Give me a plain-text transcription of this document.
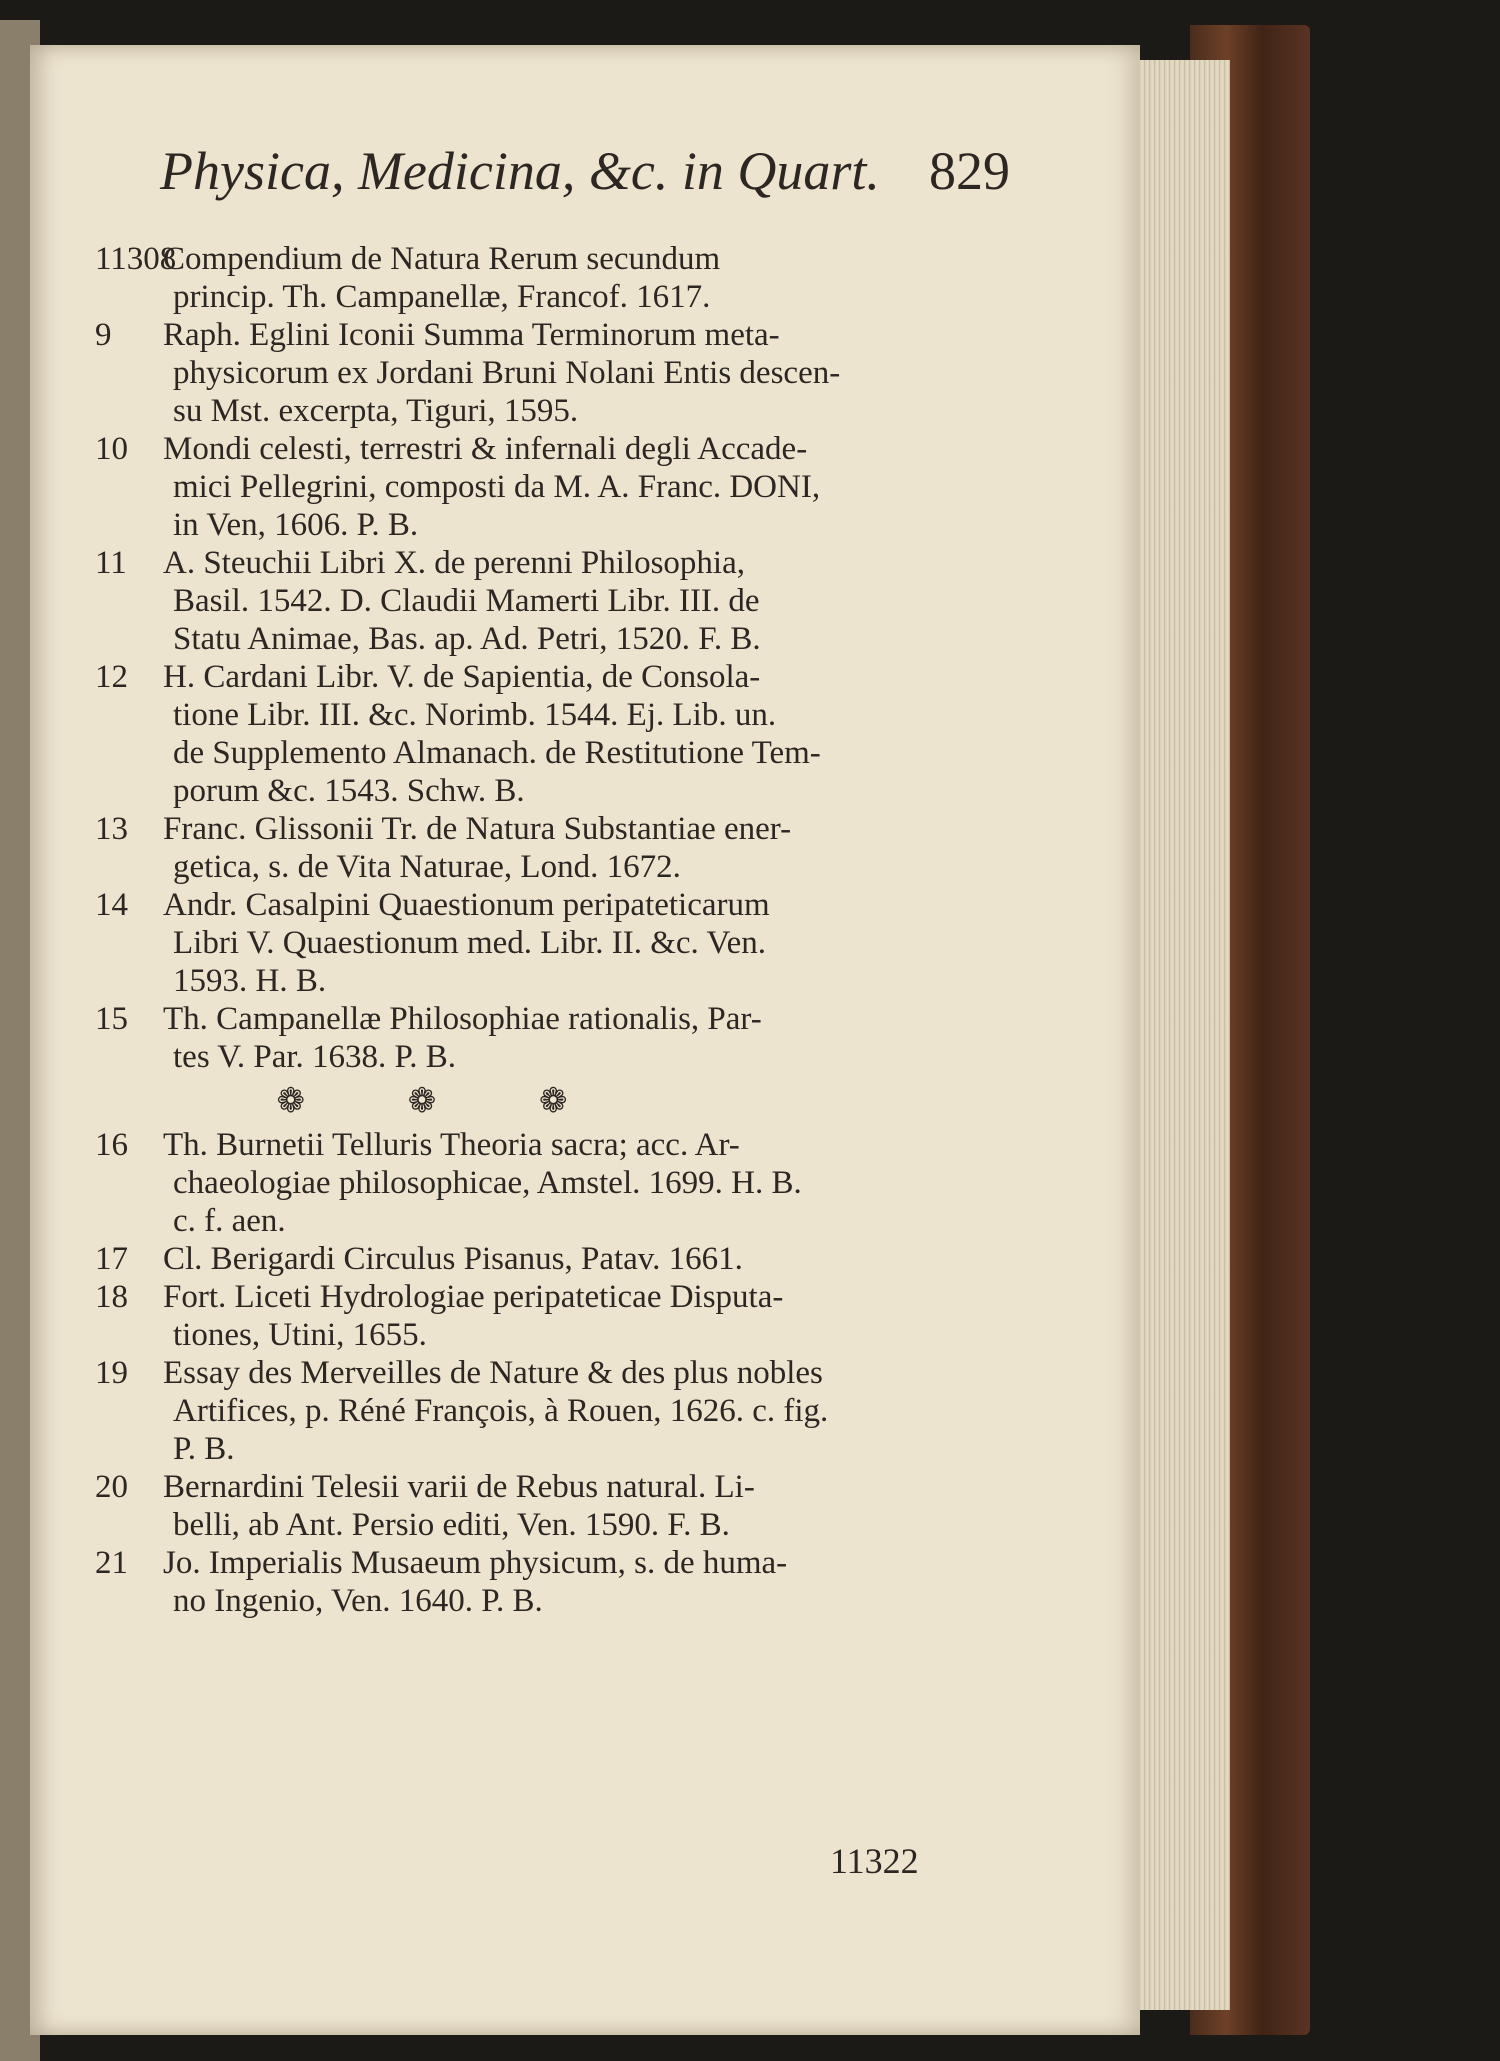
Physica, Medicina, &c. in Quart. 829
11308Compendium de Natura Rerum secundum
princip. Th. Campanellæ, Francof. 1617.
9 Raph. Eglini Iconii Summa Terminorum meta-
physicorum ex Jordani Bruni Nolani Entis descen-
su Mst. excerpta, Tiguri, 1595.
10 Mondi celesti, terrestri & infernali degli Accade-
mici Pellegrini, composti da M. A. Franc. DONI,
in Ven, 1606. P. B.
11 A. Steuchii Libri X. de perenni Philosophia,
Basil. 1542. D. Claudii Mamerti Libr. III. de
Statu Animae, Bas. ap. Ad. Petri, 1520. F. B.
12 H. Cardani Libr. V. de Sapientia, de Consola-
tione Libr. III. &c. Norimb. 1544. Ej. Lib. un.
de Supplemento Almanach. de Restitutione Tem-
porum &c. 1543. Schw. B.
13 Franc. Glissonii Tr. de Natura Substantiae ener-
getica, s. de Vita Naturae, Lond. 1672.
14 Andr. Casalpini Quaestionum peripateticarum
Libri V. Quaestionum med. Libr. II. &c. Ven.
1593. H. B.
15 Th. Campanellæ Philosophiae rationalis, Par-
tes V. Par. 1638. P. B.
❁ ❁ ❁
16 Th. Burnetii Telluris Theoria sacra; acc. Ar-
chaeologiae philosophicae, Amstel. 1699. H. B.
c. f. aen.
17 Cl. Berigardi Circulus Pisanus, Patav. 1661.
18 Fort. Liceti Hydrologiae peripateticae Disputa-
tiones, Utini, 1655.
19 Essay des Merveilles de Nature & des plus nobles
Artifices, p. Réné François, à Rouen, 1626. c. fig.
P. B.
20 Bernardini Telesii varii de Rebus natural. Li-
belli, ab Ant. Persio editi, Ven. 1590. F. B.
21 Jo. Imperialis Musaeum physicum, s. de huma-
no Ingenio, Ven. 1640. P. B.
11322
